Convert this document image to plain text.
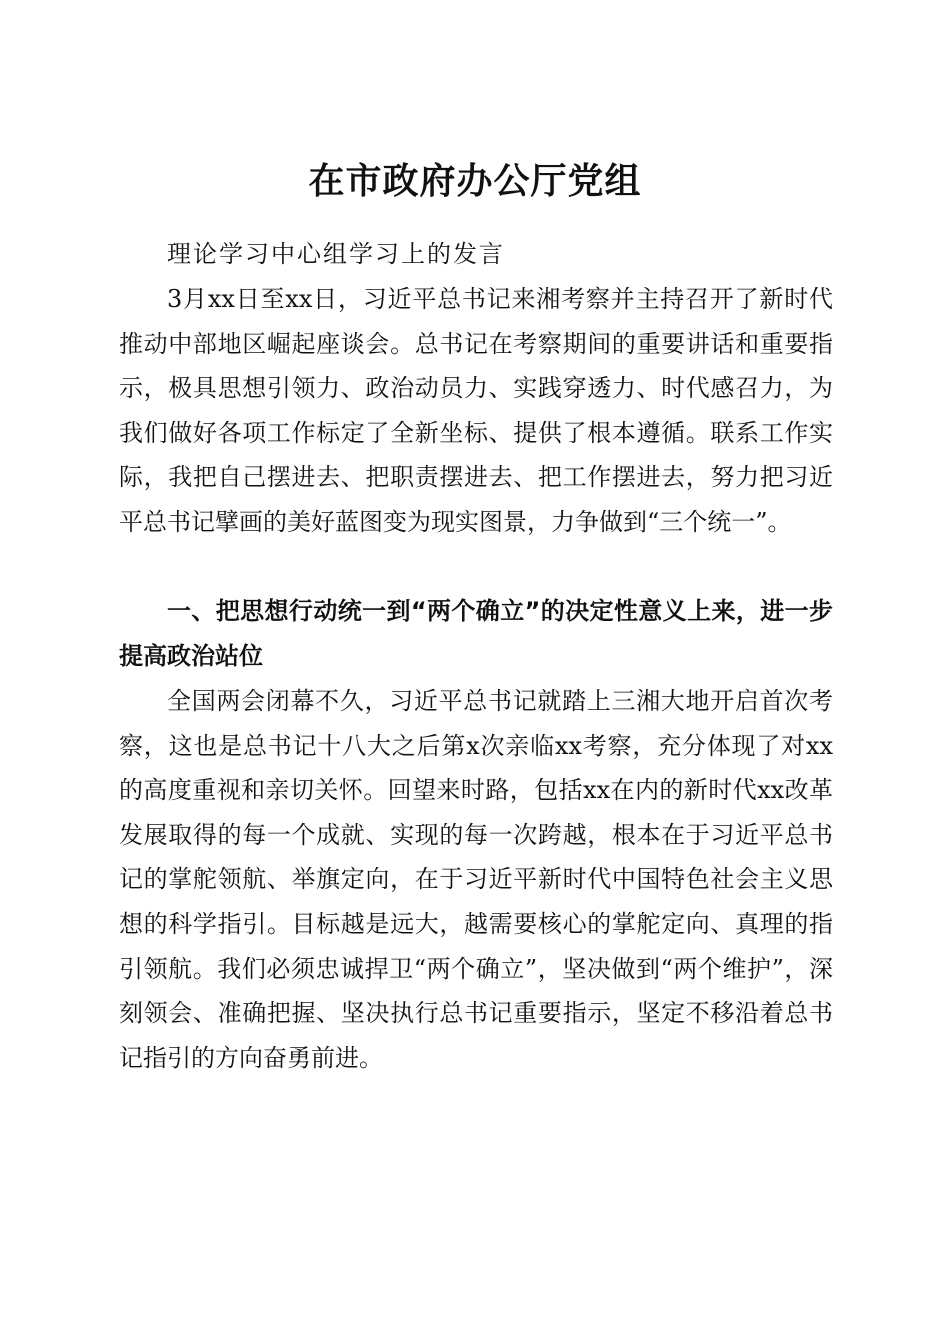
在市政府办公厅党组

理论学习中心组学习上的发言

3月xx日至xx日，习近平总书记来湘考察并主持召开了新时代推动中部地区崛起座谈会。总书记在考察期间的重要讲话和重要指示，极具思想引领力、政治动员力、实践穿透力、时代感召力，为我们做好各项工作标定了全新坐标、提供了根本遵循。联系工作实际，我把自己摆进去、把职责摆进去、把工作摆进去，努力把习近平总书记擘画的美好蓝图变为现实图景，力争做到“三个统一”。

一、把思想行动统一到“两个确立”的决定性意义上来，进一步提高政治站位

全国两会闭幕不久，习近平总书记就踏上三湘大地开启首次考察，这也是总书记十八大之后第x次亲临xx考察，充分体现了对xx的高度重视和亲切关怀。回望来时路，包括xx在内的新时代xx改革发展取得的每一个成就、实现的每一次跨越，根本在于习近平总书记的掌舵领航、举旗定向，在于习近平新时代中国特色社会主义思想的科学指引。目标越是远大，越需要核心的掌舵定向、真理的指引领航。我们必须忠诚捍卫“两个确立”，坚决做到“两个维护”，深刻领会、准确把握、坚决执行总书记重要指示，坚定不移沿着总书记指引的方向奋勇前进。
